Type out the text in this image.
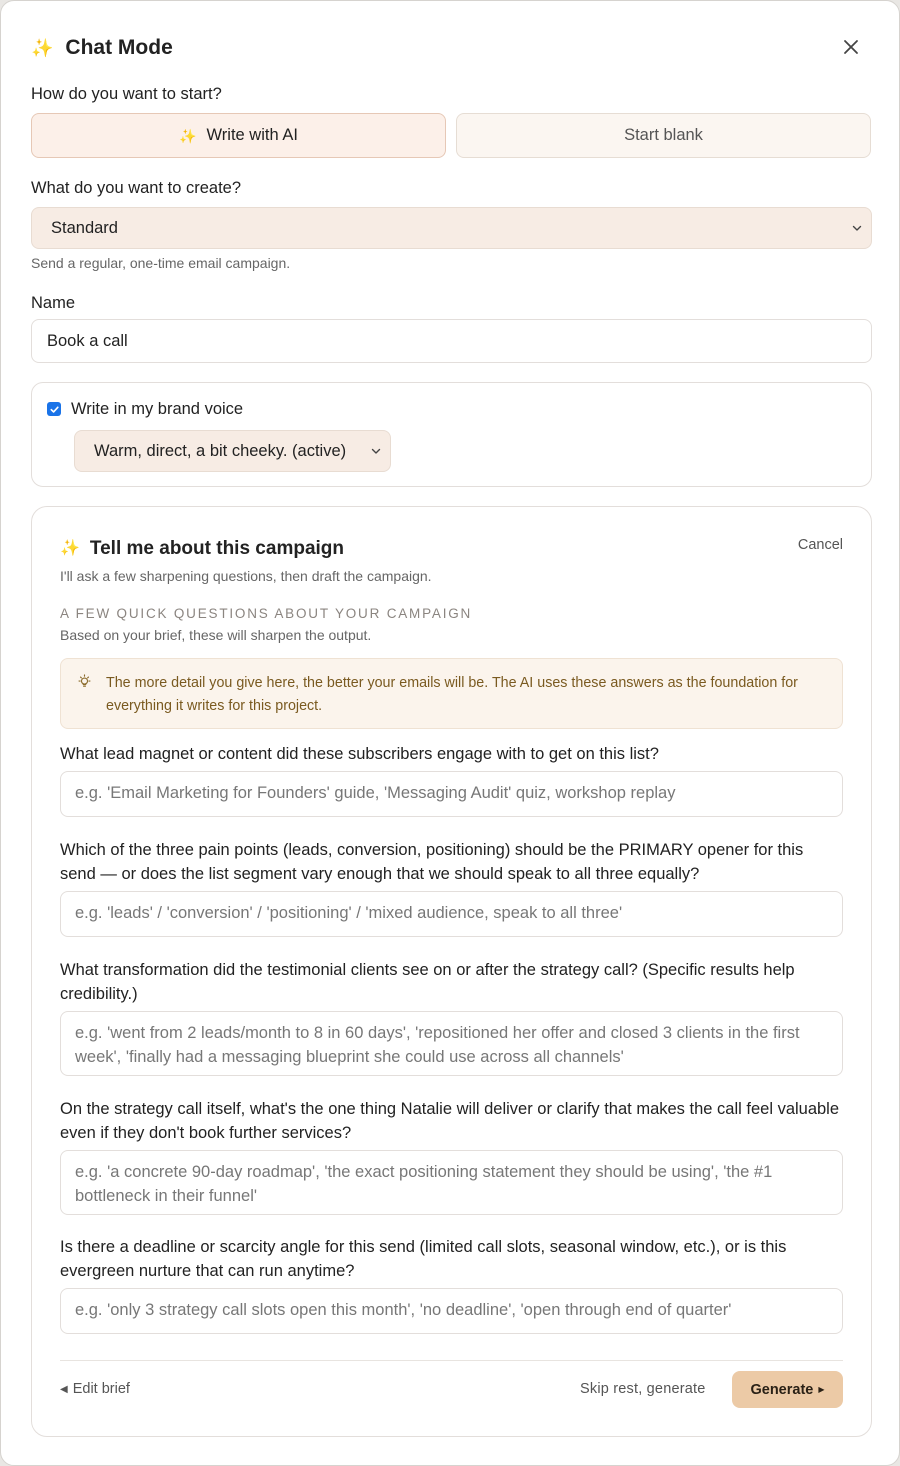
✨ Chat Mode
How do you want to start?
✨ Write with AI	Start blank
What do you want to create?
Standard
Send a regular, one-time email campaign.
Name
Book a call
Write in my brand voice
Warm, direct, a bit cheeky. (active)
✨ Tell me about this campaign	Cancel
I'll ask a few sharpening questions, then draft the campaign.
A FEW QUICK QUESTIONS ABOUT YOUR CAMPAIGN
Based on your brief, these will sharpen the output.
The more detail you give here, the better your emails will be. The AI uses these answers as the foundation for everything it writes for this project.
What lead magnet or content did these subscribers engage with to get on this list?
e.g. 'Email Marketing for Founders' guide, 'Messaging Audit' quiz, workshop replay
Which of the three pain points (leads, conversion, positioning) should be the PRIMARY opener for this send — or does the list segment vary enough that we should speak to all three equally?
e.g. 'leads' / 'conversion' / 'positioning' / 'mixed audience, speak to all three'
What transformation did the testimonial clients see on or after the strategy call? (Specific results help credibility.)
e.g. 'went from 2 leads/month to 8 in 60 days', 'repositioned her offer and closed 3 clients in the first week', 'finally had a messaging blueprint she could use across all channels'
On the strategy call itself, what's the one thing Natalie will deliver or clarify that makes the call feel valuable even if they don't book further services?
e.g. 'a concrete 90-day roadmap', 'the exact positioning statement they should be using', 'the #1 bottleneck in their funnel'
Is there a deadline or scarcity angle for this send (limited call slots, seasonal window, etc.), or is this evergreen nurture that can run anytime?
e.g. 'only 3 strategy call slots open this month', 'no deadline', 'open through end of quarter'
◀ Edit brief	Skip rest, generate	Generate ▶
